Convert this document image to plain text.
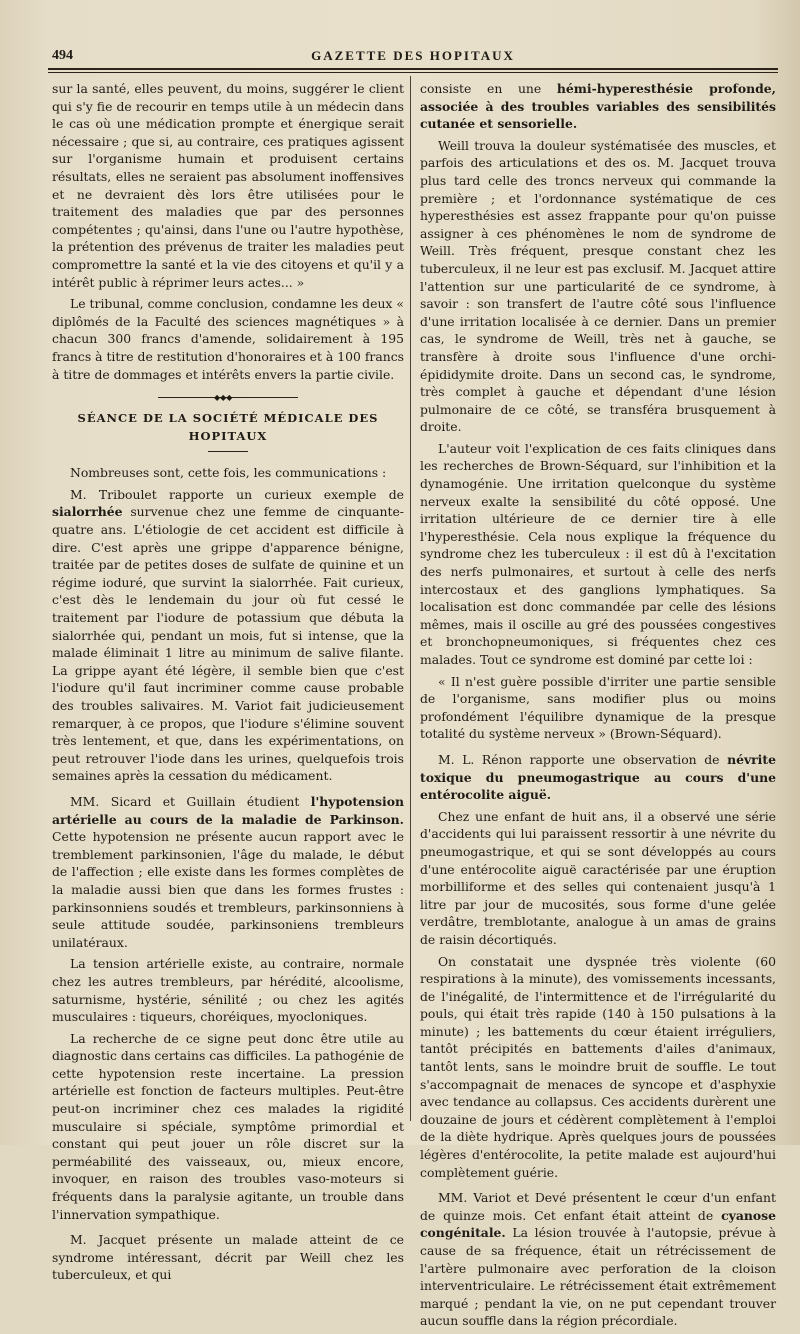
494	GAZETTE DES HOPITAUX

sur la santé, elles peuvent, du moins, suggérer le client qui s'y fie de recourir en temps utile à un médecin dans le cas où une médication prompte et énergique serait nécessaire ; que si, au contraire, ces pratiques agissent sur l'organisme humain et produisent certains résultats, elles ne seraient pas absolument inoffensives et ne devraient dès lors être utilisées pour le traitement des maladies que par des personnes compétentes ; qu'ainsi, dans l'une ou l'autre hypothèse, la prétention des prévenus de traiter les maladies peut compromettre la santé et la vie des citoyens et qu'il y a intérêt public à réprimer leurs actes... »

Le tribunal, comme conclusion, condamne les deux « diplômés de la Faculté des sciences magnétiques » à chacun 300 francs d'amende, solidairement à 195 francs à titre de restitution d'honoraires et à 100 francs à titre de dommages et intérêts envers la partie civile.

◆◆◆
SÉANCE DE LA SOCIÉTÉ MÉDICALE DES HOPITAUX

Nombreuses sont, cette fois, les communications :

M. Triboulet rapporte un curieux exemple de sialorrhée survenue chez une femme de cinquante-quatre ans. L'étiologie de cet accident est difficile à dire. C'est après une grippe d'apparence bénigne, traitée par de petites doses de sulfate de quinine et un régime ioduré, que survint la sialorrhée. Fait curieux, c'est dès le lendemain du jour où fut cessé le traitement par l'iodure de potassium que débuta la sialorrhée qui, pendant un mois, fut si intense, que la malade éliminait 1 litre au minimum de salive filante. La grippe ayant été légère, il semble bien que c'est l'iodure qu'il faut incriminer comme cause probable des troubles salivaires. M. Variot fait judicieusement remarquer, à ce propos, que l'iodure s'élimine souvent très lentement, et que, dans les expérimentations, on peut retrouver l'iode dans les urines, quelquefois trois semaines après la cessation du médicament.

MM. Sicard et Guillain étudient l'hypotension artérielle au cours de la maladie de Parkinson. Cette hypotension ne présente aucun rapport avec le tremblement parkinsonien, l'âge du malade, le début de l'affection ; elle existe dans les formes complètes de la maladie aussi bien que dans les formes frustes : parkinsonniens soudés et trembleurs, parkinsonniens à seule attitude soudée, parkinsoniens trembleurs unilatéraux.

La tension artérielle existe, au contraire, normale chez les autres trembleurs, par hérédité, alcoolisme, saturnisme, hystérie, sénilité ; ou chez les agités musculaires : tiqueurs, choréiques, myocloniques.

La recherche de ce signe peut donc être utile au diagnostic dans certains cas difficiles. La pathogénie de cette hypotension reste incertaine. La pression artérielle est fonction de facteurs multiples. Peut-être peut-on incriminer chez ces malades la rigidité musculaire si spéciale, symptôme primordial et constant qui peut jouer un rôle discret sur la perméabilité des vaisseaux, ou, mieux encore, invoquer, en raison des troubles vaso-moteurs si fréquents dans la paralysie agitante, un trouble dans l'innervation sympathique.

M. Jacquet présente un malade atteint de ce syndrome intéressant, décrit par Weill chez les tuberculeux, et qui

consiste en une hémi-hyperesthésie profonde, associée à des troubles variables des sensibilités cutanée et sensorielle.

Weill trouva la douleur systématisée des muscles, et parfois des articulations et des os. M. Jacquet trouva plus tard celle des troncs nerveux qui commande la première ; et l'ordonnance systématique de ces hyperesthésies est assez frappante pour qu'on puisse assigner à ces phénomènes le nom de syndrome de Weill. Très fréquent, presque constant chez les tuberculeux, il ne leur est pas exclusif. M. Jacquet attire l'attention sur une particularité de ce syndrome, à savoir : son transfert de l'autre côté sous l'influence d'une irritation localisée à ce dernier. Dans un premier cas, le syndrome de Weill, très net à gauche, se transfère à droite sous l'influence d'une orchi-épididymite droite. Dans un second cas, le syndrome, très complet à gauche et dépendant d'une lésion pulmonaire de ce côté, se transféra brusquement à droite.

L'auteur voit l'explication de ces faits cliniques dans les recherches de Brown-Séquard, sur l'inhibition et la dynamogénie. Une irritation quelconque du système nerveux exalte la sensibilité du côté opposé. Une irritation ultérieure de ce dernier tire à elle l'hyperesthésie. Cela nous explique la fréquence du syndrome chez les tuberculeux : il est dû à l'excitation des nerfs pulmonaires, et surtout à celle des nerfs intercostaux et des ganglions lymphatiques. Sa localisation est donc commandée par celle des lésions mêmes, mais il oscille au gré des poussées congestives et bronchopneumoniques, si fréquentes chez ces malades. Tout ce syndrome est dominé par cette loi :

« Il n'est guère possible d'irriter une partie sensible de l'organisme, sans modifier plus ou moins profondément l'équilibre dynamique de la presque totalité du système nerveux » (Brown-Séquard).

M. L. Rénon rapporte une observation de névrite toxique du pneumogastrique au cours d'une entérocolite aiguë.

Chez une enfant de huit ans, il a observé une série d'accidents qui lui paraissent ressortir à une névrite du pneumogastrique, et qui se sont développés au cours d'une entérocolite aiguë caractérisée par une éruption morbilliforme et des selles qui contenaient jusqu'à 1 litre par jour de mucosités, sous forme d'une gelée verdâtre, tremblotante, analogue à un amas de grains de raisin décortiqués.

On constatait une dyspnée très violente (60 respirations à la minute), des vomissements incessants, de l'inégalité, de l'intermittence et de l'irrégularité du pouls, qui était très rapide (140 à 150 pulsations à la minute) ; les battements du cœur étaient irréguliers, tantôt précipités en battements d'ailes d'animaux, tantôt lents, sans le moindre bruit de souffle. Le tout s'accompagnait de menaces de syncope et d'asphyxie avec tendance au collapsus. Ces accidents durèrent une douzaine de jours et cédèrent complètement à l'emploi de la diète hydrique. Après quelques jours de poussées légères d'entérocolite, la petite malade est aujourd'hui complètement guérie.

MM. Variot et Devé présentent le cœur d'un enfant de quinze mois. Cet enfant était atteint de cyanose congénitale. La lésion trouvée à l'autopsie, prévue à cause de sa fréquence, était un rétrécissement de l'artère pulmonaire avec perforation de la cloison interventriculaire. Le rétrécissement était extrêmement marqué ; pendant la vie, on ne put cependant trouver aucun souffle dans la région précordiale.
